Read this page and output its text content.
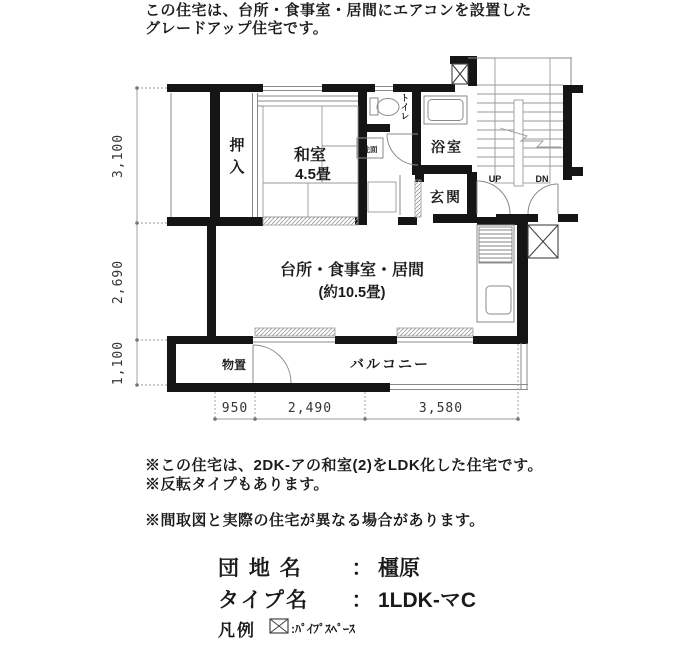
この住宅は、台所・食事室・居間にエアコンを設置した
グレードアップ住宅です。
押
入
和室
4.5畳
ト
イ
レ
洗面	浴室
玄関
台所・食事室・居間
(約10.5畳)
物置	バルコニー
UP	DN
3,100
2,690
1,100
950	2,490	3,580
※この住宅は、2DK-アの和室(2)をLDK化した住宅です。
※反転タイプもあります。
※間取図と実際の住宅が異なる場合があります。
団 地 名	： 橿原
タイプ名	： 1LDK-マC
凡例	:ﾊﾟｲﾌﾟｽﾍﾟｰｽ
